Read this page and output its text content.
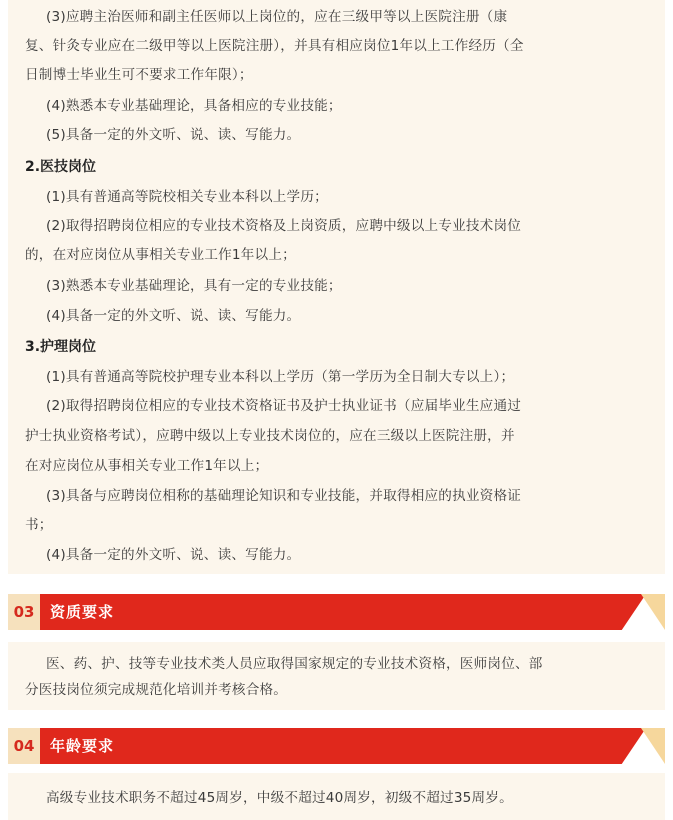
(3)应聘主治医师和副主任医师以上岗位的，应在三级甲等以上医院注册（康
复、针灸专业应在二级甲等以上医院注册），并具有相应岗位1年以上工作经历（全
日制博士毕业生可不要求工作年限）；
(4)熟悉本专业基础理论，具备相应的专业技能；
(5)具备一定的外文听、说、读、写能力。
2.医技岗位
(1)具有普通高等院校相关专业本科以上学历；
(2)取得招聘岗位相应的专业技术资格及上岗资质，应聘中级以上专业技术岗位
的，在对应岗位从事相关专业工作1年以上；
(3)熟悉本专业基础理论，具有一定的专业技能；
(4)具备一定的外文听、说、读、写能力。
3.护理岗位
(1)具有普通高等院校护理专业本科以上学历（第一学历为全日制大专以上）；
(2)取得招聘岗位相应的专业技术资格证书及护士执业证书（应届毕业生应通过
护士执业资格考试），应聘中级以上专业技术岗位的，应在三级以上医院注册，并
在对应岗位从事相关专业工作1年以上；
(3)具备与应聘岗位相称的基础理论知识和专业技能，并取得相应的执业资格证
书；
(4)具备一定的外文听、说、读、写能力。
03	资质要求
医、药、护、技等专业技术类人员应取得国家规定的专业技术资格，医师岗位、部
分医技岗位须完成规范化培训并考核合格。
04	年龄要求
高级专业技术职务不超过45周岁，中级不超过40周岁，初级不超过35周岁。
